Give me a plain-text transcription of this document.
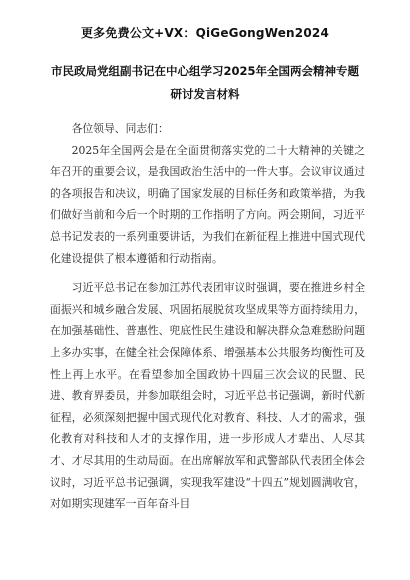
更多免费公文+VX：QiGeGongWen2024
市民政局党组副书记在中心组学习2025年全国两会精神专题研讨发言材料

各位领导、同志们：

2025年全国两会是在全面贯彻落实党的二十大精神的关键之年召开的重要会议，是我国政治生活中的一件大事。会议审议通过的各项报告和决议，明确了国家发展的目标任务和政策举措，为我们做好当前和今后一个时期的工作指明了方向。两会期间，习近平总书记发表的一系列重要讲话，为我们在新征程上推进中国式现代化建设提供了根本遵循和行动指南。

习近平总书记在参加江苏代表团审议时强调，要在推进乡村全面振兴和城乡融合发展、巩固拓展脱贫攻坚成果等方面持续用力，在加强基础性、普惠性、兜底性民生建设和解决群众急难愁盼问题上多办实事，在健全社会保障体系、增强基本公共服务均衡性可及性上再上水平。在看望参加全国政协十四届三次会议的民盟、民进、教育界委员，并参加联组会时，习近平总书记强调，新时代新征程，必须深刻把握中国式现代化对教育、科技、人才的需求，强化教育对科技和人才的支撑作用，进一步形成人才辈出、人尽其才、才尽其用的生动局面。在出席解放军和武警部队代表团全体会议时，习近平总书记强调，实现我军建设“十四五”规划圆满收官，对如期实现建军一百年奋斗目
